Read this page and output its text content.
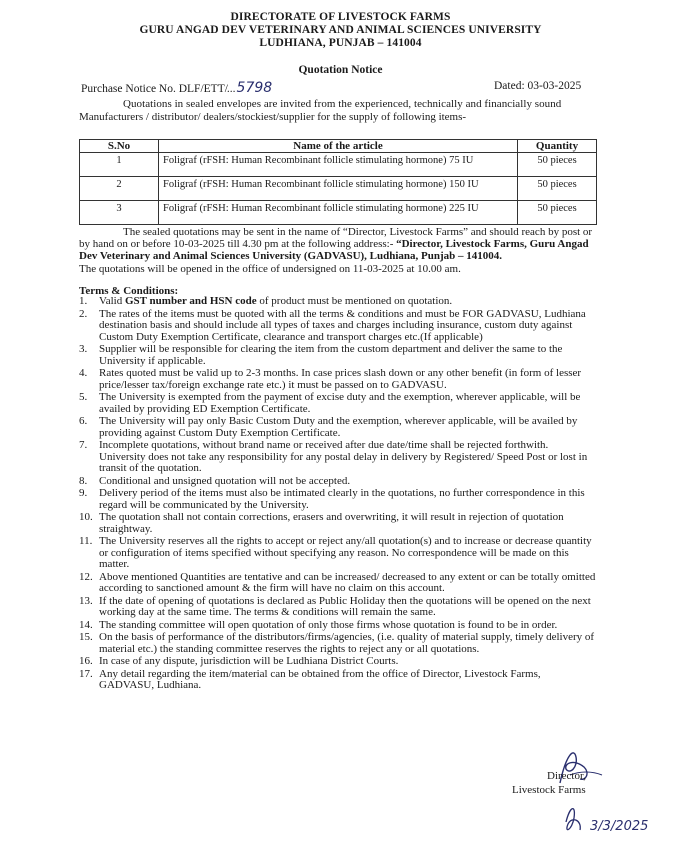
DIRECTORATE OF LIVESTOCK FARMS
GURU ANGAD DEV VETERINARY AND ANIMAL SCIENCES UNIVERSITY
LUDHIANA, PUNJAB – 141004
Quotation Notice
Purchase Notice No. DLF/ETT/...5798	Dated: 03-03-2025
Quotations in sealed envelopes are invited from the experienced, technically and financially sound
Manufacturers / distributor/ dealers/stockiest/supplier for the supply of following items-
S.No	Name of the article	Quantity
1	Foligraf (rFSH: Human Recombinant follicle stimulating hormone) 75 IU	50 pieces
2	Foligraf (rFSH: Human Recombinant follicle stimulating hormone) 150 IU	50 pieces
3	Foligraf (rFSH: Human Recombinant follicle stimulating hormone) 225 IU	50 pieces
The sealed quotations may be sent in the name of “Director, Livestock Farms” and should reach by post or by hand on or before 10-03-2025 till 4.30 pm at the following address:- “Director, Livestock Farms, Guru Angad Dev Veterinary and Animal Sciences University (GADVASU), Ludhiana, Punjab – 141004.
The quotations will be opened in the office of undersigned on 11-03-2025 at 10.00 am.
Terms & Conditions:
1. Valid GST number and HSN code of product must be mentioned on quotation.
2. The rates of the items must be quoted with all the terms & conditions and must be FOR GADVASU, Ludhiana destination basis and should include all types of taxes and charges including insurance, custom duty against Custom Duty Exemption Certificate, clearance and transport charges etc.(If applicable)
3. Supplier will be responsible for clearing the item from the custom department and deliver the same to the University if applicable.
4. Rates quoted must be valid up to 2-3 months. In case prices slash down or any other benefit (in form of lesser price/lesser tax/foreign exchange rate etc.) it must be passed on to GADVASU.
5. The University is exempted from the payment of excise duty and the exemption, wherever applicable, will be availed by providing ED Exemption Certificate.
6. The University will pay only Basic Custom Duty and the exemption, wherever applicable, will be availed by providing against Custom Duty Exemption Certificate.
7. Incomplete quotations, without brand name or received after due date/time shall be rejected forthwith. University does not take any responsibility for any postal delay in delivery by Registered/ Speed Post or lost in transit of the quotation.
8. Conditional and unsigned quotation will not be accepted.
9. Delivery period of the items must also be intimated clearly in the quotations, no further correspondence in this regard will be communicated by the University.
10. The quotation shall not contain corrections, erasers and overwriting, it will result in rejection of quotation straightway.
11. The University reserves all the rights to accept or reject any/all quotation(s) and to increase or decrease quantity or configuration of items specified without specifying any reason. No correspondence will be made on this matter.
12. Above mentioned Quantities are tentative and can be increased/ decreased to any extent or can be totally omitted according to sanctioned amount & the firm will have no claim on this account.
13. If the date of opening of quotations is declared as Public Holiday then the quotations will be opened on the next working day at the same time. The terms & conditions will remain the same.
14. The standing committee will open quotation of only those firms whose quotation is found to be in order.
15. On the basis of performance of the distributors/firms/agencies, (i.e. quality of material supply, timely delivery of material etc.) the standing committee reserves the rights to reject any or all quotations.
16. In case of any dispute, jurisdiction will be Ludhiana District Courts.
17. Any detail regarding the item/material can be obtained from the office of Director, Livestock Farms, GADVASU, Ludhiana.
Director,
Livestock Farms
3/3/2025
